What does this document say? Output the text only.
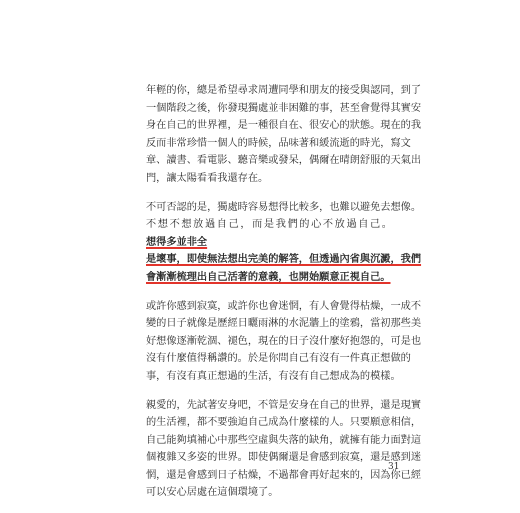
年輕的你，總是希望尋求周遭同學和朋友的接受與認同，到了
一個階段之後，你發現獨處並非困難的事，甚至會覺得其實安
身在自己的世界裡，是一種很自在、很安心的狀態。現在的我
反而非常珍惜一個人的時候，品味著和緩流逝的時光，寫文
章、讀書、看電影、聽音樂或發呆，偶爾在晴朗舒服的天氣出
門，讓太陽看看我還存在。
不可否認的是，獨處時容易想得比較多，也難以避免去想像。
不想不想放過自己，而是我們的心不放過自己。想得多並非全
是壞事，即使無法想出完美的解答，但透過內省與沉澱，我們
會漸漸梳理出自己活著的意義，也開始願意正視自己。
或許你感到寂寞，或許你也會迷惘，有人會覺得枯燥，一成不
變的日子就像是歷經日曬雨淋的水泥牆上的塗鴉，當初那些美
好想像逐漸乾涸、褪色，現在的日子沒什麼好抱怨的，可是也
沒有什麼值得稱讚的。於是你問自己有沒有一件真正想做的
事，有沒有真正想過的生活，有沒有自己想成為的模樣。
親愛的，先試著安身吧，不管是安身在自己的世界，還是現實
的生活裡，都不要強迫自己成為什麼樣的人。只要願意相信，
自己能夠填補心中那些空虛與失落的缺角，就擁有能力面對這
個複雜又多姿的世界。即使偶爾還是會感到寂寞，還是感到迷
惘，還是會感到日子枯燥，不過都會再好起來的，因為你已經
可以安心居處在這個環境了。
31
